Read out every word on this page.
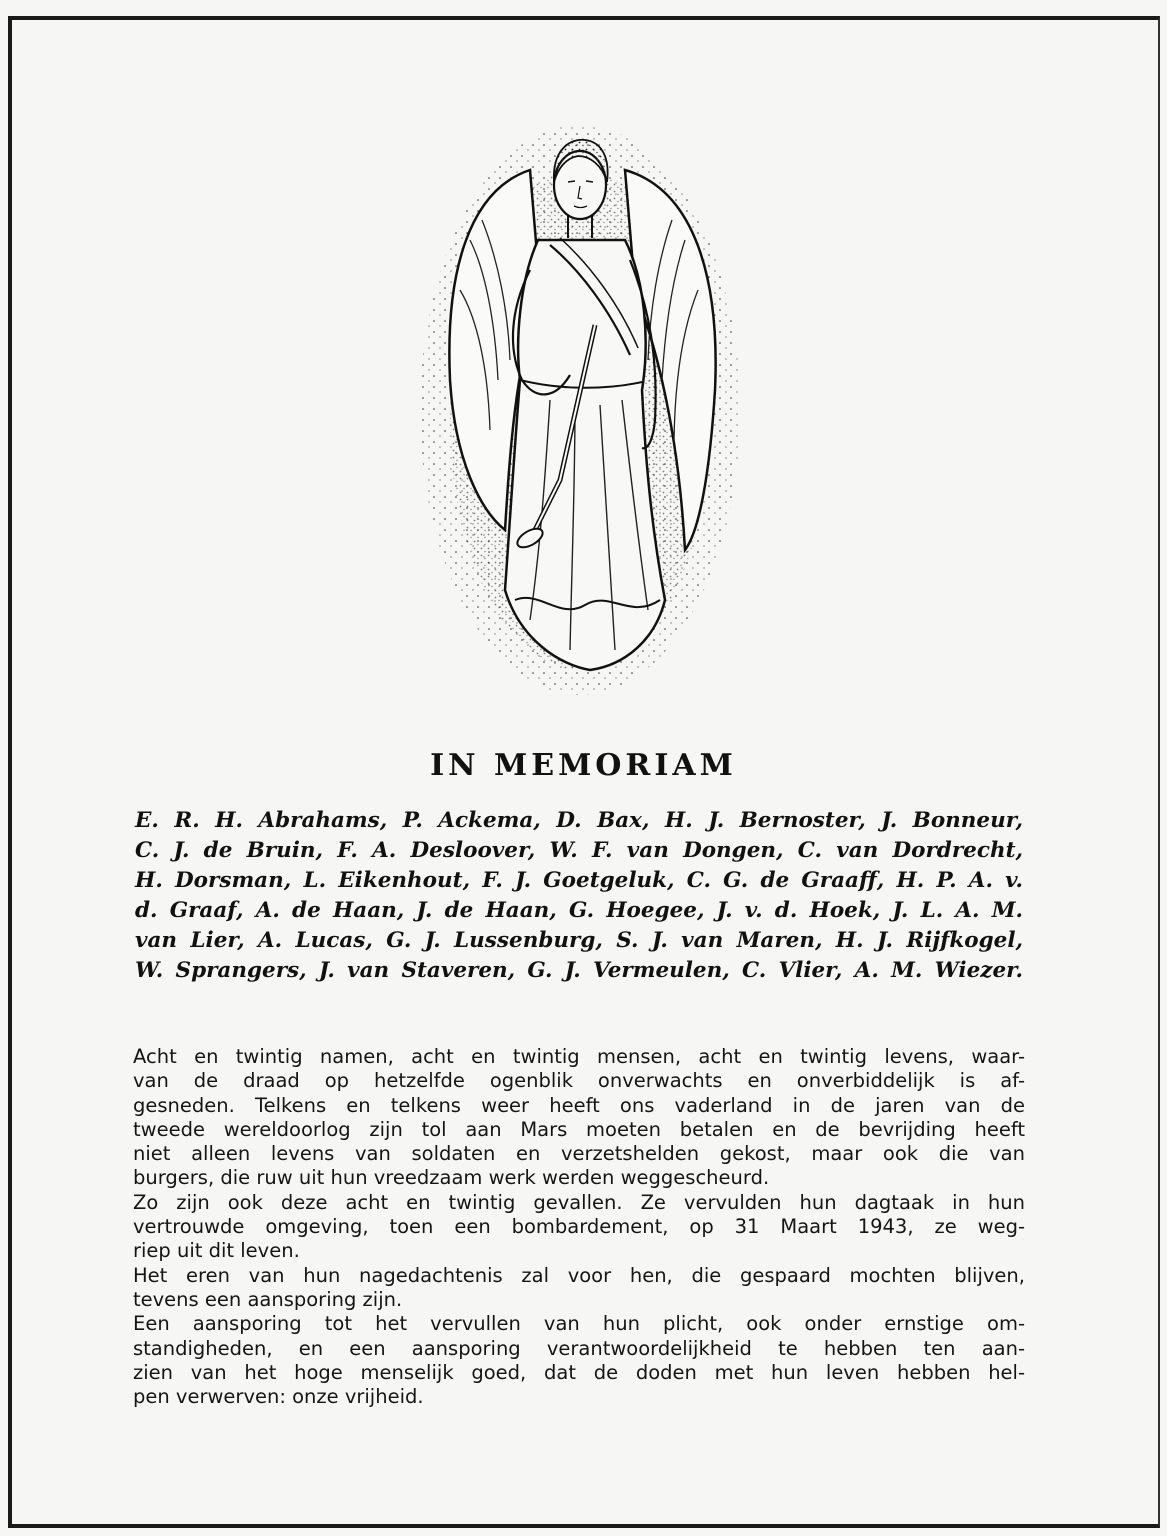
IN MEMORIAM
E. R. H. Abrahams, P. Ackema, D. Bax, H. J. Bernoster, J. Bonneur,
C. J. de Bruin, F. A. Desloover, W. F. van Dongen, C. van Dordrecht,
H. Dorsman, L. Eikenhout, F. J. Goetgeluk, C. G. de Graaff, H. P. A. v.
d. Graaf, A. de Haan, J. de Haan, G. Hoegee, J. v. d. Hoek, J. L. A. M.
van Lier, A. Lucas, G. J. Lussenburg, S. J. van Maren, H. J. Rijfkogel,
W. Sprangers, J. van Staveren, G. J. Vermeulen, C. Vlier, A. M. Wiezer.
Acht en twintig namen, acht en twintig mensen, acht en twintig levens, waar-
van de draad op hetzelfde ogenblik onverwachts en onverbiddelijk is af-
gesneden. Telkens en telkens weer heeft ons vaderland in de jaren van de
tweede wereldoorlog zijn tol aan Mars moeten betalen en de bevrijding heeft
niet alleen levens van soldaten en verzetshelden gekost, maar ook die van
burgers, die ruw uit hun vreedzaam werk werden weggescheurd.
Zo zijn ook deze acht en twintig gevallen. Ze vervulden hun dagtaak in hun
vertrouwde omgeving, toen een bombardement, op 31 Maart 1943, ze weg-
riep uit dit leven.
Het eren van hun nagedachtenis zal voor hen, die gespaard mochten blijven,
tevens een aansporing zijn.
Een aansporing tot het vervullen van hun plicht, ook onder ernstige om-
standigheden, en een aansporing verantwoordelijkheid te hebben ten aan-
zien van het hoge menselijk goed, dat de doden met hun leven hebben hel-
pen verwerven: onze vrijheid.
